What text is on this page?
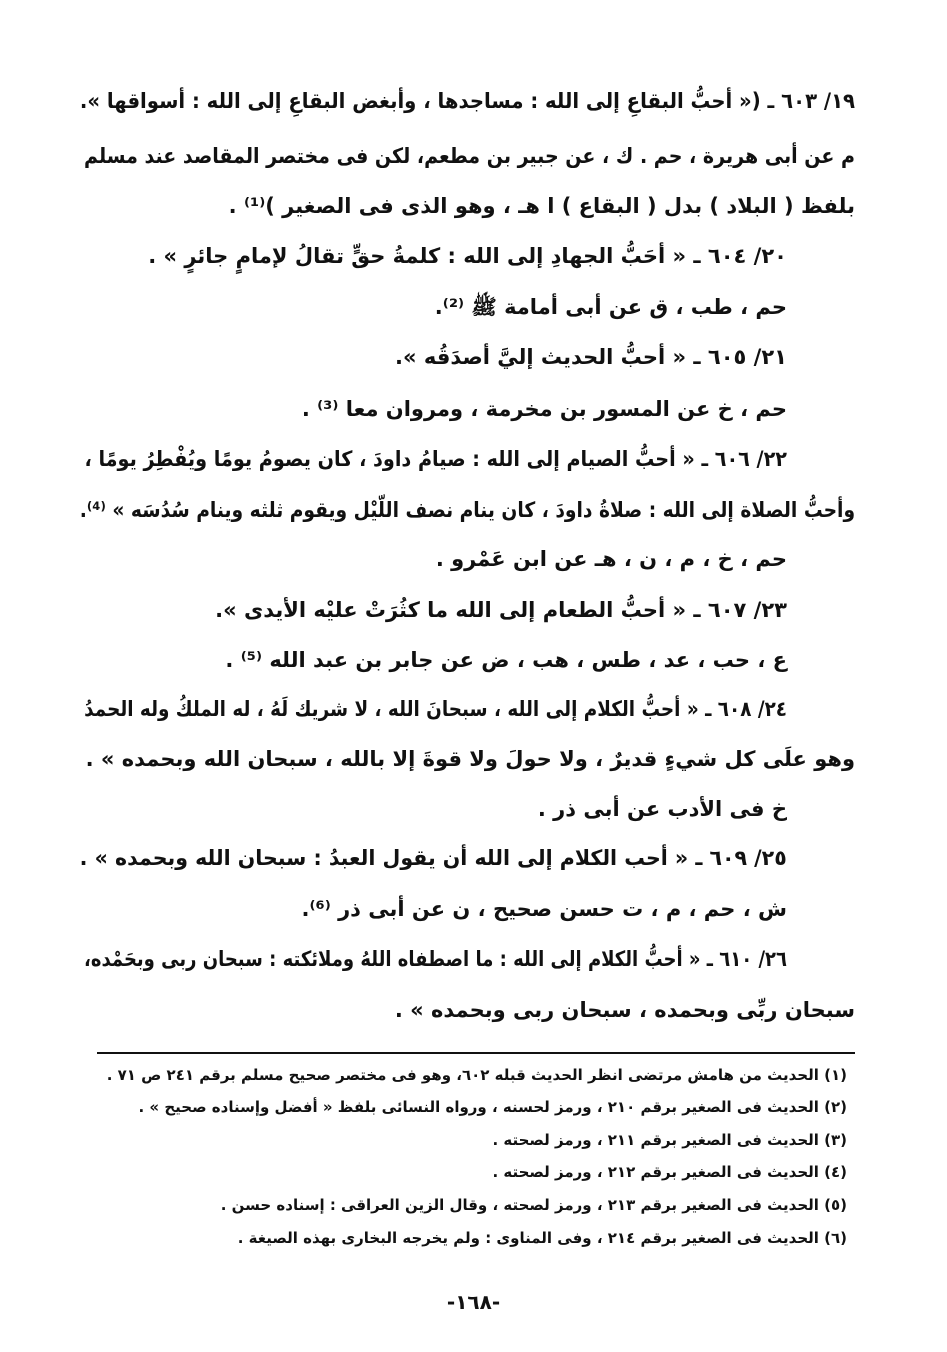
١٩/ ٦٠٣ ـ (« أحبُّ البقاعِ إلى الله : مساجدها ، وأبغض البقاعِ إلى الله : أسواقها ».
م عن أبى هريرة ، حم . ك ، عن جبير بن مطعم، لكن فى مختصر المقاصد عند مسلم
بلفظ ( البلاد ) بدل ( البقاع ) ا هـ ، وهو الذى فى الصغير )⁽¹⁾ .
٢٠/ ٦٠٤ ـ « أحَبُّ الجهادِ إلى الله : كلمةُ حقٍّ تقالُ لإمامٍ جائرٍ » .
حم ، طب ، ق عن أبى أمامة ﷺ ⁽²⁾.
٢١/ ٦٠٥ ـ « أحبُّ الحديث إليَّ أصدَقُه ».
حم ، خ عن المسور بن مخرمة ، ومروان معا ⁽³⁾ .
٢٢/ ٦٠٦ ـ « أحبُّ الصيام إلى الله : صيامُ داودَ ، كان يصومُ يومًا ويُفْطِرُ يومًا ،
وأحبُّ الصلاة إلى الله : صلاةُ داودَ ، كان ينام نصف اللّيْل ويقوم ثلثه وينام سُدُسَه » ⁽⁴⁾.
حم ، خ ، م ، ن ، هـ عن ابن عَمْرو .
٢٣/ ٦٠٧ ـ « أحبُّ الطعام إلى الله ما كثُرَتْ عليْه الأيدى ».
ع ، حب ، عد ، طس ، هب ، ض عن جابر بن عبد الله ⁽⁵⁾ .
٢٤/ ٦٠٨ ـ « أحبُّ الكلام إلى الله ، سبحانَ الله ، لا شريك لَهُ ، له الملكُ وله الحمدُ
وهو علَى كل شيءٍ قديرٌ ، ولا حولَ ولا قوةَ إلا بالله ، سبحان الله وبحمده » .
خ فى الأدب عن أبى ذر .
٢٥/ ٦٠٩ ـ « أحب الكلام إلى الله أن يقول العبدُ : سبحان الله وبحمده » .
ش ، حم ، م ، ت حسن صحيح ، ن عن أبى ذر ⁽⁶⁾.
٢٦/ ٦١٠ ـ « أحبُّ الكلام إلى الله : ما اصطفاه اللهُ وملائكته : سبحان ربى وبحَمْده،
سبحان ربِّى وبحمده ، سبحان ربى وبحمده » .
(١) الحديث من هامش مرتضى انظر الحديث قبله ٦٠٢، وهو فى مختصر صحيح مسلم برقم ٢٤١ ص ٧١ .
(٢) الحديث فى الصغير برقم ٢١٠ ، ورمز لحسنه ، ورواه النسائى بلفظ « أفضل وإسناده صحيح » .
(٣) الحديث فى الصغير برقم ٢١١ ، ورمز لصحته .
(٤) الحديث فى الصغير برقم ٢١٢ ، ورمز لصحته .
(٥) الحديث فى الصغير برقم ٢١٣ ، ورمز لصحته ، وقال الزين العراقى : إسناده حسن .
(٦) الحديث فى الصغير برقم ٢١٤ ، وفى المناوى : ولم يخرجه البخارى بهذه الصيغة .
-١٦٨-
